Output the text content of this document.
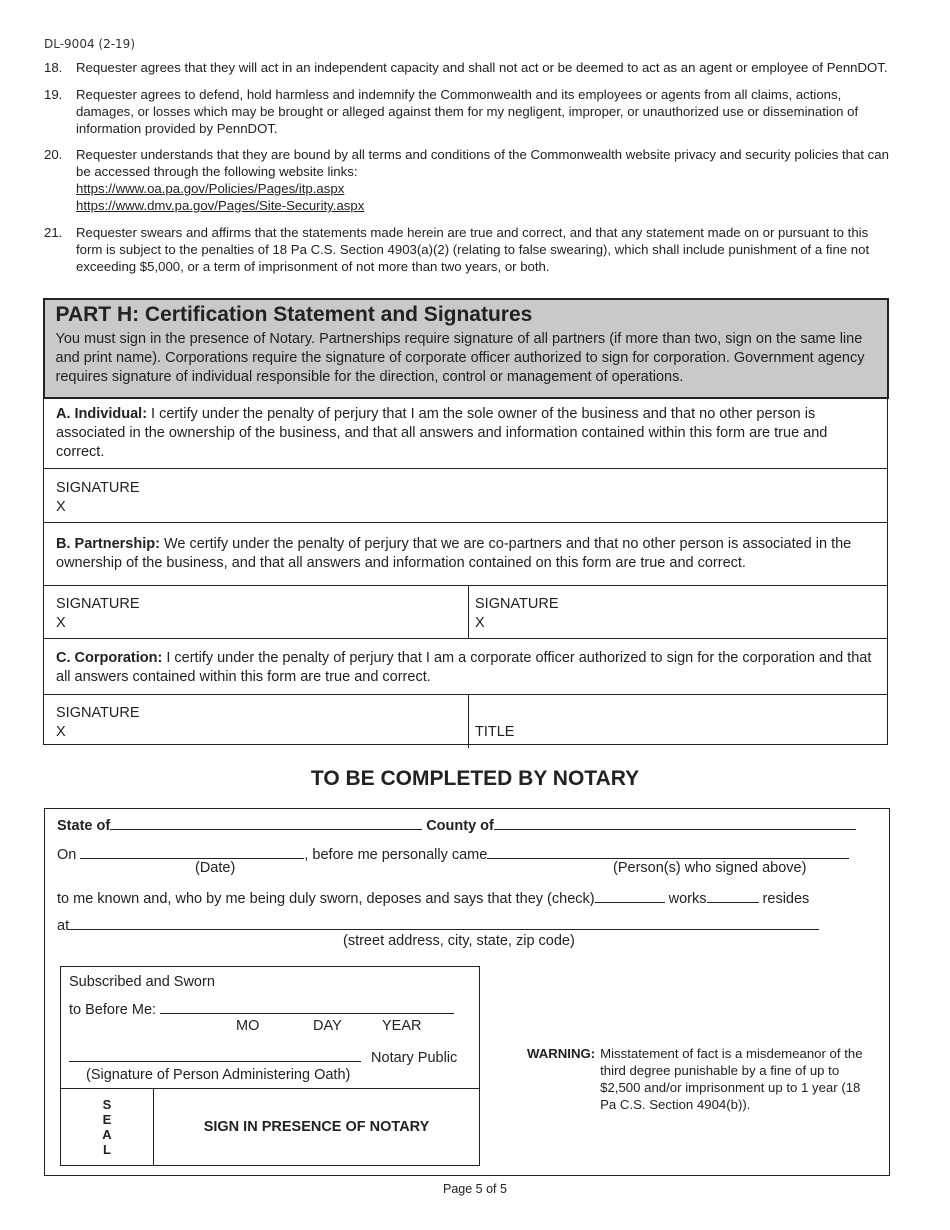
DL-9004 (2-19)
18.	Requester agrees that they will act in an independent capacity and shall not act or be deemed to act as an agent or employee of PennDOT.
19.	Requester agrees to defend, hold harmless and indemnify the Commonwealth and its employees or agents from all claims, actions, damages, or losses which may be brought or alleged against them for my negligent, improper, or unauthorized use or dissemination of information provided by PennDOT.
20.	Requester understands that they are bound by all terms and conditions of the Commonwealth website privacy and security policies that can be accessed through the following website links:
https://www.oa.pa.gov/Policies/Pages/itp.aspx
https://www.dmv.pa.gov/Pages/Site-Security.aspx
21.	Requester swears and affirms that the statements made herein are true and correct, and that any statement made on or pursuant to this form is subject to the penalties of 18 Pa C.S. Section 4903(a)(2) (relating to false swearing), which shall include punishment of a fine not exceeding $5,000, or a term of imprisonment of not more than two years, or both.
PART H: Certification Statement and Signatures
You must sign in the presence of Notary. Partnerships require signature of all partners (if more than two, sign on the same line and print name). Corporations require the signature of corporate officer authorized to sign for corporation. Government agency requires signature of individual responsible for the direction, control or management of operations.
A. Individual: I certify under the penalty of perjury that I am the sole owner of the business and that no other person is associated in the ownership of the business, and that all answers and information contained within this form are true and correct.
SIGNATURE
X
B. Partnership: We certify under the penalty of perjury that we are co-partners and that no other person is associated in the ownership of the business, and that all answers and information contained on this form are true and correct.
SIGNATURE
X
SIGNATURE
X
C. Corporation: I certify under the penalty of perjury that I am a corporate officer authorized to sign for the corporation and that all answers contained within this form are true and correct.
SIGNATURE
X	TITLE
TO BE COMPLETED BY NOTARY
State of	County of
On	, before me personally came
(Date)	(Person(s) who signed above)
to me known and, who by me being duly sworn, deposes and says that they (check)	works	resides
at
(street address, city, state, zip code)
Subscribed and Sworn
to Before Me:
MO	DAY	YEAR
Notary Public
(Signature of Person Administering Oath)
S
E
A
L
SIGN IN PRESENCE OF NOTARY
WARNING: Misstatement of fact is a misdemeanor of the third degree punishable by a fine of up to $2,500 and/or imprisonment up to 1 year (18 Pa C.S. Section 4904(b)).
Page 5 of 5
